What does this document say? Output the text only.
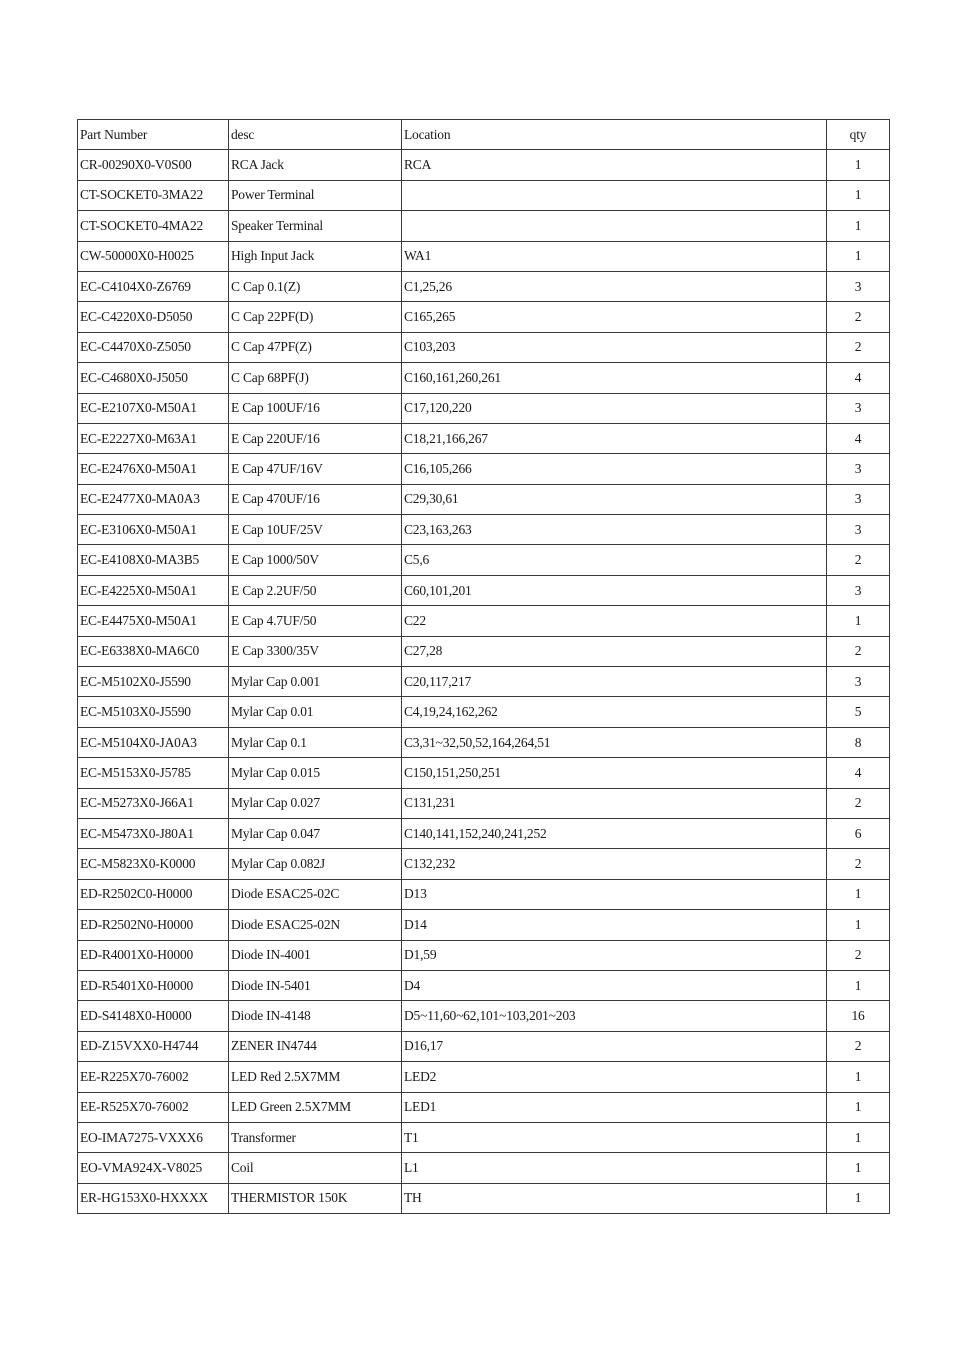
Part Number	desc	Location	qty
CR-00290X0-V0S00	RCA Jack	RCA	1
CT-SOCKET0-3MA22	Power Terminal		1
CT-SOCKET0-4MA22	Speaker Terminal		1
CW-50000X0-H0025	High Input Jack	WA1	1
EC-C4104X0-Z6769	C Cap 0.1(Z)	C1,25,26	3
EC-C4220X0-D5050	C Cap 22PF(D)	C165,265	2
EC-C4470X0-Z5050	C Cap 47PF(Z)	C103,203	2
EC-C4680X0-J5050	C Cap 68PF(J)	C160,161,260,261	4
EC-E2107X0-M50A1	E Cap 100UF/16	C17,120,220	3
EC-E2227X0-M63A1	E Cap 220UF/16	C18,21,166,267	4
EC-E2476X0-M50A1	E Cap 47UF/16V	C16,105,266	3
EC-E2477X0-MA0A3	E Cap 470UF/16	C29,30,61	3
EC-E3106X0-M50A1	E Cap 10UF/25V	C23,163,263	3
EC-E4108X0-MA3B5	E Cap 1000/50V	C5,6	2
EC-E4225X0-M50A1	E Cap 2.2UF/50	C60,101,201	3
EC-E4475X0-M50A1	E Cap 4.7UF/50	C22	1
EC-E6338X0-MA6C0	E Cap 3300/35V	C27,28	2
EC-M5102X0-J5590	Mylar Cap 0.001	C20,117,217	3
EC-M5103X0-J5590	Mylar Cap 0.01	C4,19,24,162,262	5
EC-M5104X0-JA0A3	Mylar Cap 0.1	C3,31~32,50,52,164,264,51	8
EC-M5153X0-J5785	Mylar Cap 0.015	C150,151,250,251	4
EC-M5273X0-J66A1	Mylar Cap 0.027	C131,231	2
EC-M5473X0-J80A1	Mylar Cap 0.047	C140,141,152,240,241,252	6
EC-M5823X0-K0000	Mylar Cap 0.082J	C132,232	2
ED-R2502C0-H0000	Diode ESAC25-02C	D13	1
ED-R2502N0-H0000	Diode ESAC25-02N	D14	1
ED-R4001X0-H0000	Diode IN-4001	D1,59	2
ED-R5401X0-H0000	Diode IN-5401	D4	1
ED-S4148X0-H0000	Diode IN-4148	D5~11,60~62,101~103,201~203	16
ED-Z15VXX0-H4744	ZENER IN4744	D16,17	2
EE-R225X70-76002	LED Red 2.5X7MM	LED2	1
EE-R525X70-76002	LED Green 2.5X7MM	LED1	1
EO-IMA7275-VXXX6	Transformer	T1	1
EO-VMA924X-V8025	Coil	L1	1
ER-HG153X0-HXXXX	THERMISTOR 150K	TH	1
